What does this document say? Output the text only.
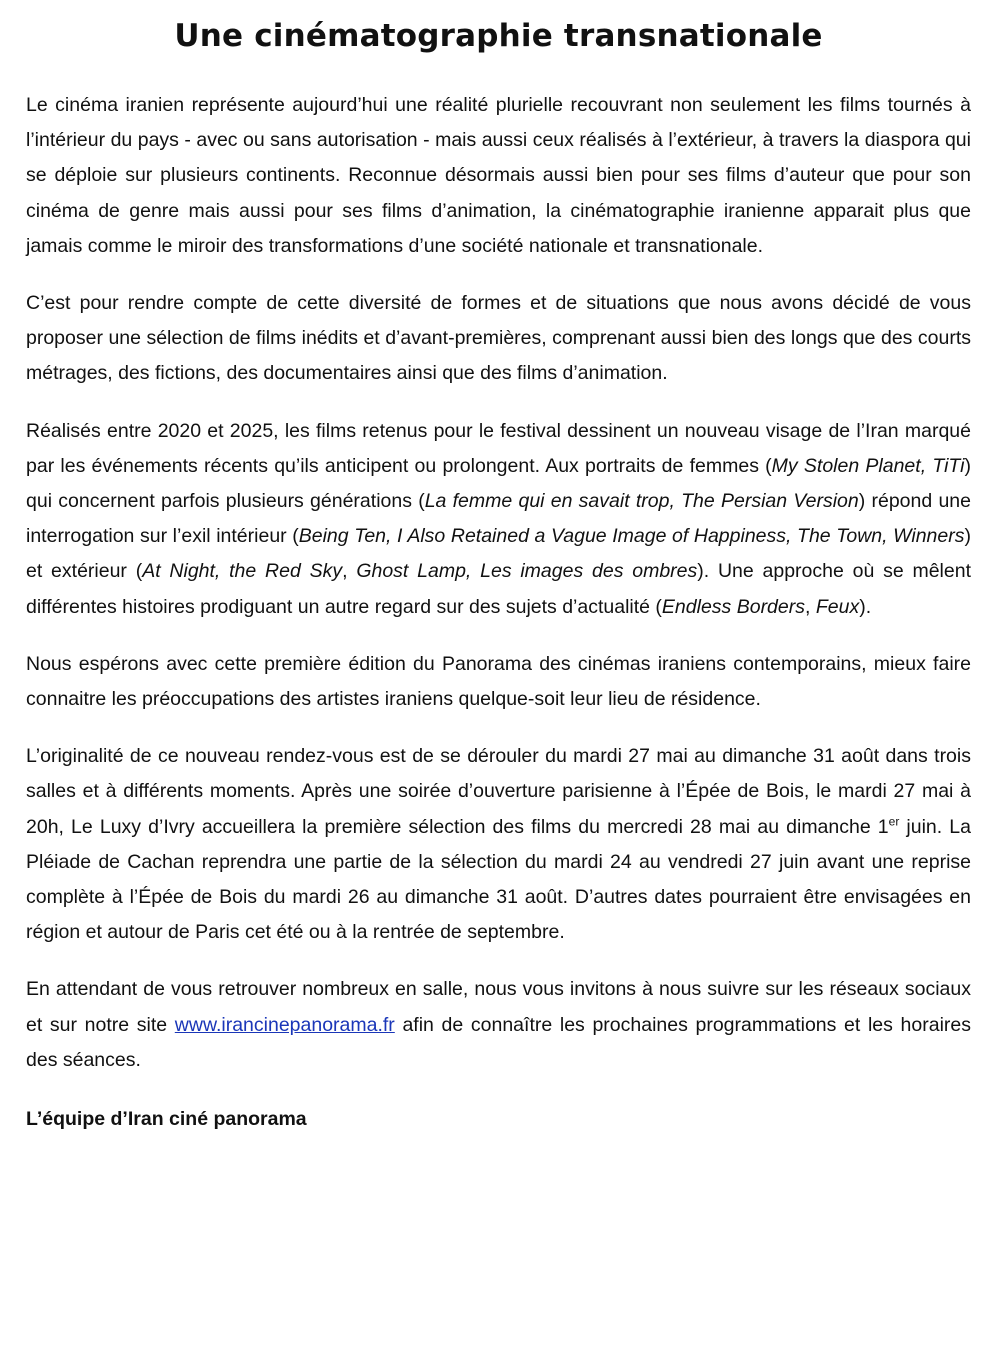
Une cinématographie transnationale

Le cinéma iranien représente aujourd’hui une réalité plurielle recouvrant non seulement les films tournés à l’intérieur du pays - avec ou sans autorisation - mais aussi ceux réalisés à l’extérieur, à travers la diaspora qui se déploie sur plusieurs continents. Reconnue désormais aussi bien pour ses films d’auteur que pour son cinéma de genre mais aussi pour ses films d’animation, la cinématographie iranienne apparait plus que jamais comme le miroir des transformations d’une société nationale et transnationale.

C’est pour rendre compte de cette diversité de formes et de situations que nous avons décidé de vous proposer une sélection de films inédits et d’avant-premières, comprenant aussi bien des longs que des courts métrages, des fictions, des documentaires ainsi que des films d’animation.

Réalisés entre 2020 et 2025, les films retenus pour le festival dessinent un nouveau visage de l’Iran marqué par les événements récents qu’ils anticipent ou prolongent. Aux portraits de femmes (My Stolen Planet, TiTi) qui concernent parfois plusieurs générations (La femme qui en savait trop, The Persian Version) répond une interrogation sur l’exil intérieur (Being Ten, I Also Retained a Vague Image of Happiness, The Town, Winners) et extérieur (At Night, the Red Sky, Ghost Lamp, Les images des ombres). Une approche où se mêlent différentes histoires prodiguant un autre regard sur des sujets d’actualité (Endless Borders, Feux).

Nous espérons avec cette première édition du Panorama des cinémas iraniens contemporains, mieux faire connaitre les préoccupations des artistes iraniens quelque-soit leur lieu de résidence.

L’originalité de ce nouveau rendez-vous est de se dérouler du mardi 27 mai au dimanche 31 août dans trois salles et à différents moments. Après une soirée d’ouverture parisienne à l’Épée de Bois, le mardi 27 mai à 20h, Le Luxy d’Ivry accueillera la première sélection des films du mercredi 28 mai au dimanche 1er juin. La Pléiade de Cachan reprendra une partie de la sélection du mardi 24 au vendredi 27 juin avant une reprise complète à l’Épée de Bois du mardi 26 au dimanche 31 août. D’autres dates pourraient être envisagées en région et autour de Paris cet été ou à la rentrée de septembre.

En attendant de vous retrouver nombreux en salle, nous vous invitons à nous suivre sur les réseaux sociaux et sur notre site www.irancinepanorama.fr afin de connaître les prochaines programmations et les horaires des séances.

L’équipe d’Iran ciné panorama
